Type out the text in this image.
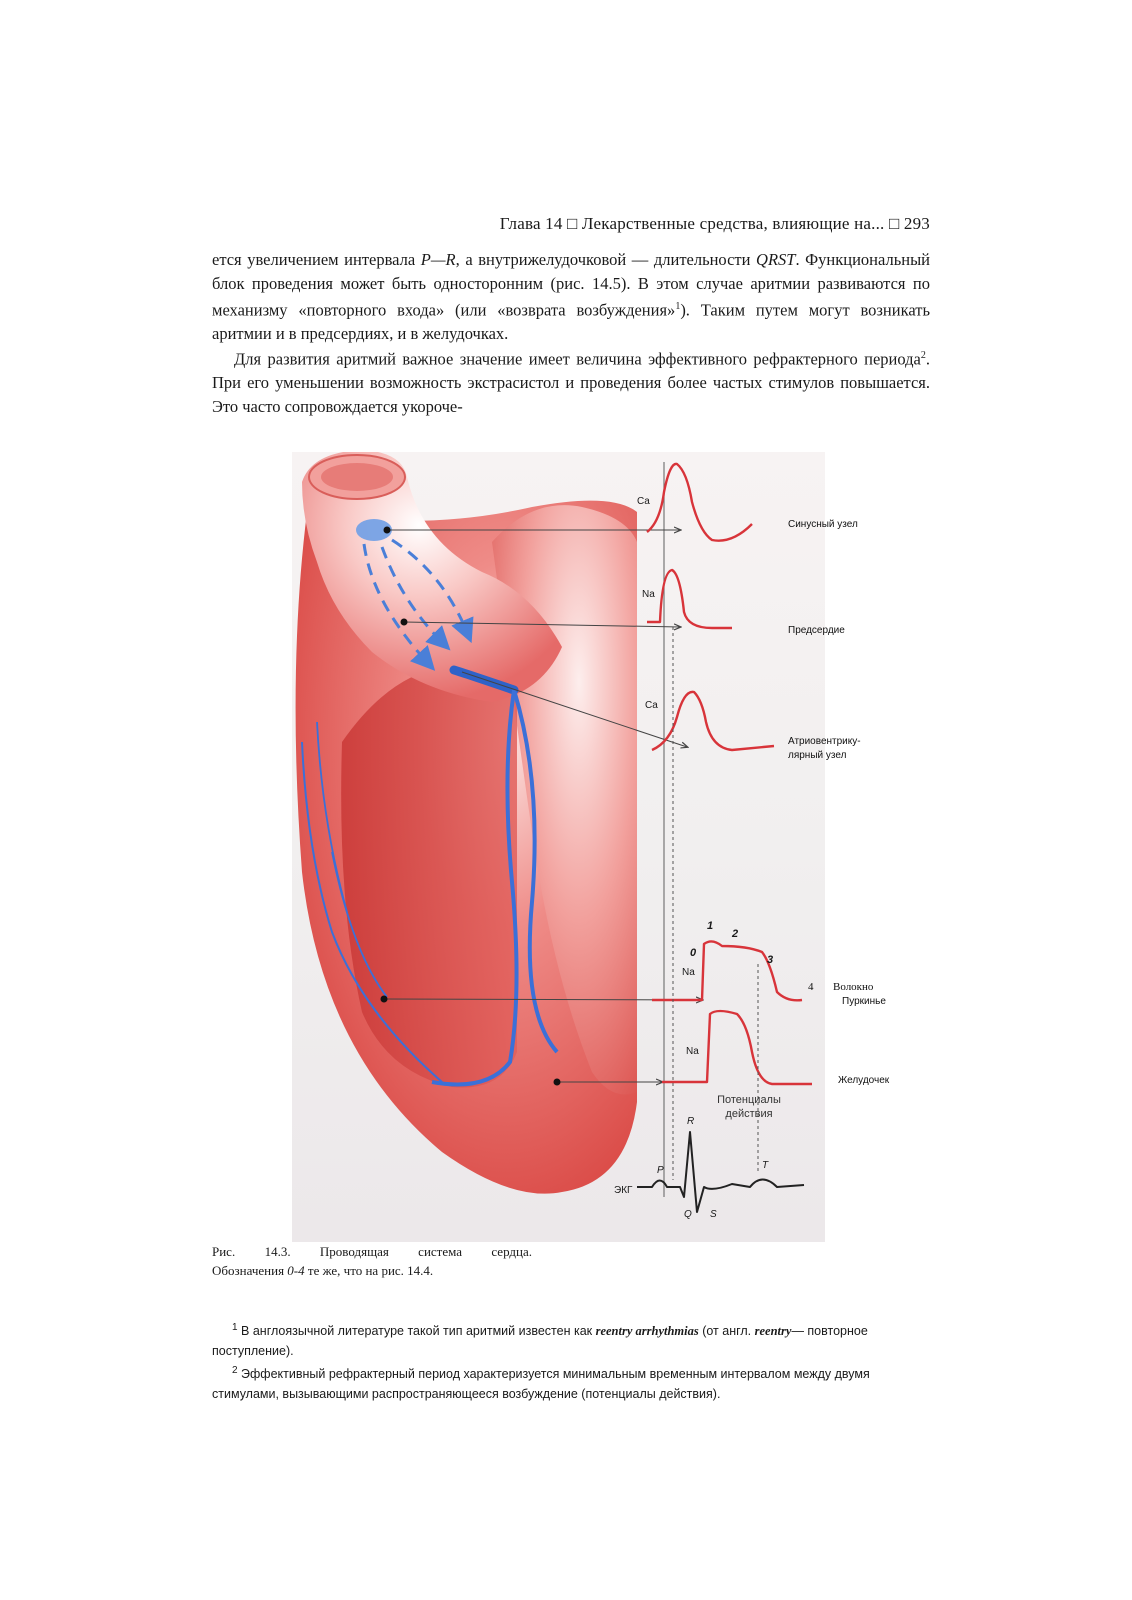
Глава 14 □ Лекарственные средства, влияющие на... □ 293

ется увеличением интервала P—R, а внутрижелудочковой — длительности QRST. Функциональный блок проведения может быть односторонним (рис. 14.5). В этом случае аритмии развиваются по механизму «повторного входа» (или «возврата возбуждения»$^1$). Таким путем могут возникать аритмии и в предсердиях, и в желудочках.

Для развития аритмий важное значение имеет величина эффективного рефрактерного периода$^2$. При его уменьшении возможность экстрасистол и проведения более частых стимулов повышается. Это часто сопровождается укороче-

Ca
Na
Ca
Na
Na
0
1
2
3
Потенциалы
действия
ЭКГ
P
Q
R
S
T
Синусный узел
Предсердие
Атриовентрику-
лярный узел
4 Волокно
Пуркинье
Желудочек
Рис. 14.3. Проводящая система сердца.
Обозначения 0-4 те же, что на рис. 14.4.

$^1$ В англоязычной литературе такой тип аритмий известен как reentry arrhythmias (от англ. reentry— повторное поступление).

$^2$ Эффективный рефрактерный период характеризуется минимальным временным интервалом между двумя стимулами, вызывающими распространяющееся возбуждение (потенциалы действия).
